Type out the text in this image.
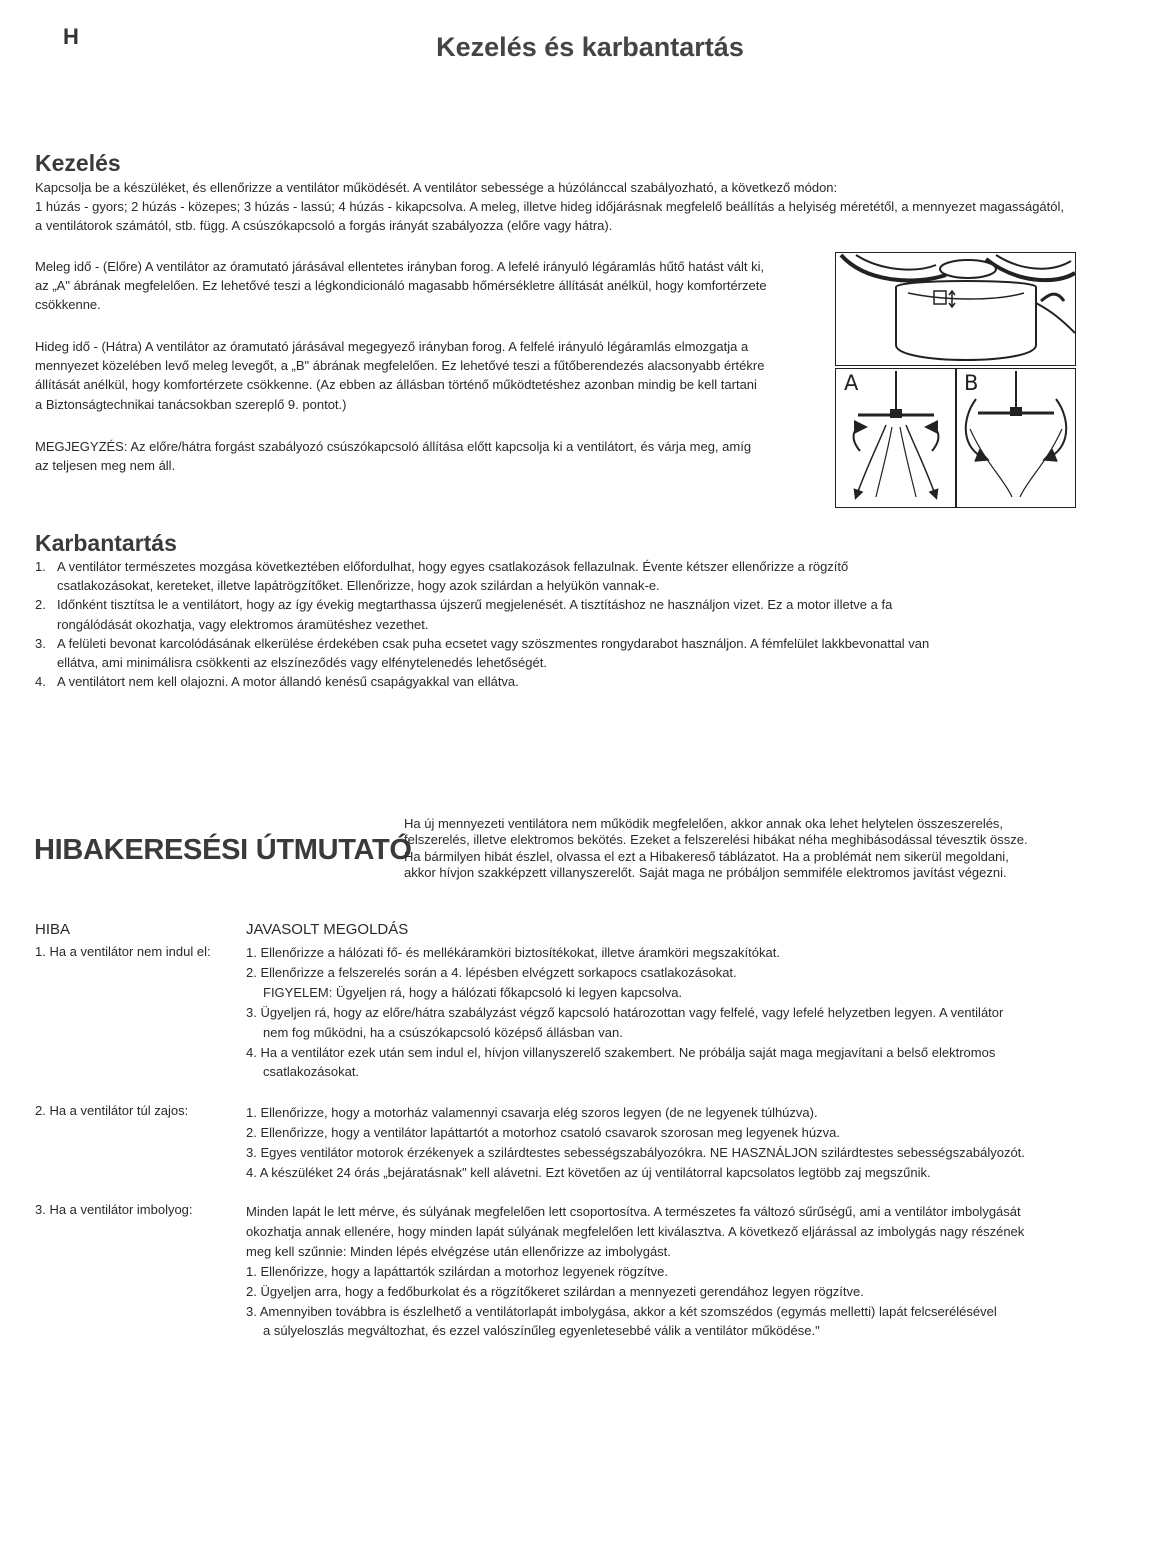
H	Kezelés és karbantartás
Kezelés
Kapcsolja be a készüléket, és ellenőrizze a ventilátor működését. A ventilátor sebessége a húzólánccal szabályozható, a következő módon:
1 húzás - gyors; 2 húzás - közepes; 3 húzás - lassú; 4 húzás - kikapcsolva. A meleg, illetve hideg időjárásnak megfelelő beállítás a helyiség méretétől, a mennyezet magasságától,
a ventilátorok számától, stb. függ. A csúszókapcsoló a forgás irányát szabályozza (előre vagy hátra).
Meleg idő - (Előre) A ventilátor az óramutató járásával ellentetes irányban forog. A lefelé irányuló légáramlás hűtő hatást vált ki,
az „A" ábrának megfelelően. Ez lehetővé teszi a légkondicionáló magasabb hőmérsékletre állítását anélkül, hogy komfortérzete
csökkenne.
Hideg idő - (Hátra) A ventilátor az óramutató járásával megegyező irányban forog. A felfelé irányuló légáramlás elmozgatja a
mennyezet közelében levő meleg levegőt, a „B" ábrának megfelelően. Ez lehetővé teszi a fűtőberendezés alacsonyabb értékre
állítását anélkül, hogy komfortérzete csökkenne. (Az ebben az állásban történő működtetéshez azonban mindig be kell tartani
a Biztonságtechnikai tanácsokban szereplő 9. pontot.)
MEGJEGYZÉS: Az előre/hátra forgást szabályozó csúszókapcsoló állítása előtt kapcsolja ki a ventilátort, és várja meg, amíg
az teljesen meg nem áll.
A	B
Karbantartás
1. A ventilátor természetes mozgása következtében előfordulhat, hogy egyes csatlakozások fellazulnak. Évente kétszer ellenőrizze a rögzítő
csatlakozásokat, kereteket, illetve lapátrögzítőket. Ellenőrizze, hogy azok szilárdan a helyükön vannak-e.
2. Időnként tisztítsa le a ventilátort, hogy az így évekig megtarthassa újszerű megjelenését. A tisztításhoz ne használjon vizet. Ez a motor illetve a fa
rongálódását okozhatja, vagy elektromos áramütéshez vezethet.
3. A felületi bevonat karcolódásának elkerülése érdekében csak puha ecsetet vagy szöszmentes rongydarabot használjon. A fémfelület lakkbevonattal van
ellátva, ami minimálisra csökkenti az elszíneződés vagy elfénytelenedés lehetőségét.
4. A ventilátort nem kell olajozni. A motor állandó kenésű csapágyakkal van ellátva.
HIBAKERESÉSI ÚTMUTATÓ
Ha új mennyezeti ventilátora nem működik megfelelően, akkor annak oka lehet helytelen összeszerelés,
felszerelés, illetve elektromos bekötés. Ezeket a felszerelési hibákat néha meghibásodással tévesztik össze.
Ha bármilyen hibát észlel, olvassa el ezt a Hibakereső táblázatot. Ha a problémát nem sikerül megoldani,
akkor hívjon szakképzett villanyszerelőt. Saját maga ne próbáljon semmiféle elektromos javítást végezni.
HIBA	JAVASOLT MEGOLDÁS
1. Ha a ventilátor nem indul el:	1. Ellenőrizze a hálózati fő- és mellékáramköri biztosítékokat, illetve áramköri megszakítókat.
2. Ellenőrizze a felszerelés során a 4. lépésben elvégzett sorkapocs csatlakozásokat.
FIGYELEM: Ügyeljen rá, hogy a hálózati főkapcsoló ki legyen kapcsolva.
3. Ügyeljen rá, hogy az előre/hátra szabályzást végző kapcsoló határozottan vagy felfelé, vagy lefelé helyzetben legyen. A ventilátor
nem fog működni, ha a csúszókapcsoló középső állásban van.
4. Ha a ventilátor ezek után sem indul el, hívjon villanyszerelő szakembert. Ne próbálja saját maga megjavítani a belső elektromos
csatlakozásokat.
2. Ha a ventilátor túl zajos:	1. Ellenőrizze, hogy a motorház valamennyi csavarja elég szoros legyen (de ne legyenek túlhúzva).
2. Ellenőrizze, hogy a ventilátor lapáttartót a motorhoz csatoló csavarok szorosan meg legyenek húzva.
3. Egyes ventilátor motorok érzékenyek a szilárdtestes sebességszabályozókra. NE HASZNÁLJON szilárdtestes sebességszabályozót.
4. A készüléket 24 órás „bejáratásnak" kell alávetni. Ezt követően az új ventilátorral kapcsolatos legtöbb zaj megszűnik.
3. Ha a ventilátor imbolyog:	Minden lapát le lett mérve, és súlyának megfelelően lett csoportosítva. A természetes fa változó sűrűségű, ami a ventilátor imbolygását
okozhatja annak ellenére, hogy minden lapát súlyának megfelelően lett kiválasztva. A következő eljárással az imbolygás nagy részének
meg kell szűnnie: Minden lépés elvégzése után ellenőrizze az imbolygást.
1. Ellenőrizze, hogy a lapáttartók szilárdan a motorhoz legyenek rögzítve.
2. Ügyeljen arra, hogy a fedőburkolat és a rögzítőkeret szilárdan a mennyezeti gerendához legyen rögzítve.
3. Amennyiben továbbra is észlelhető a ventilátorlapát imbolygása, akkor a két szomszédos (egymás melletti) lapát felcserélésével
a súlyeloszlás megváltozhat, és ezzel valószínűleg egyenletesebbé válik a ventilátor működése."
